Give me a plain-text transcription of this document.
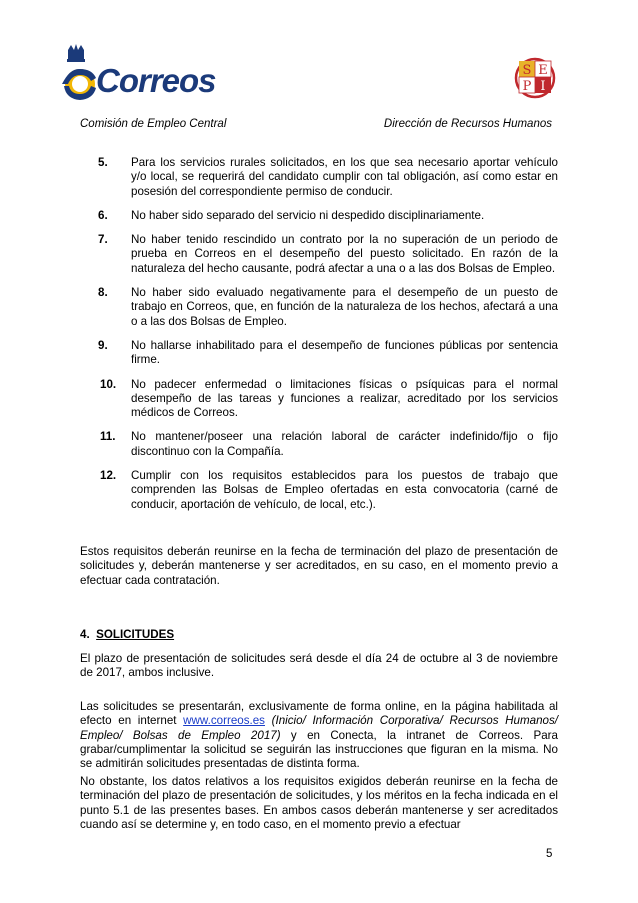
Correos	S E
P I
Comisión de Empleo Central	Dirección de Recursos Humanos
5. Para los servicios rurales solicitados, en los que sea necesario aportar vehículo y/o local, se requerirá del candidato cumplir con tal obligación, así como estar en posesión del correspondiente permiso de conducir.
6. No haber sido separado del servicio ni despedido disciplinariamente.
7. No haber tenido rescindido un contrato por la no superación de un periodo de prueba en Correos en el desempeño del puesto solicitado. En razón de la naturaleza del hecho causante, podrá afectar a una o a las dos Bolsas de Empleo.
8. No haber sido evaluado negativamente para el desempeño de un puesto de trabajo en Correos, que, en función de la naturaleza de los hechos, afectará a una o a las dos Bolsas de Empleo.
9. No hallarse inhabilitado para el desempeño de funciones públicas por sentencia firme.
10. No padecer enfermedad o limitaciones físicas o psíquicas para el normal desempeño de las tareas y funciones a realizar, acreditado por los servicios médicos de Correos.
11. No mantener/poseer una relación laboral de carácter indefinido/fijo o fijo discontinuo con la Compañía.
12. Cumplir con los requisitos establecidos para los puestos de trabajo que comprenden las Bolsas de Empleo ofertadas en esta convocatoria (carné de conducir, aportación de vehículo, de local, etc.).

Estos requisitos deberán reunirse en la fecha de terminación del plazo de presentación de solicitudes y, deberán mantenerse y ser acreditados, en su caso, en el momento previo a efectuar cada contratación.

4. SOLICITUDES

El plazo de presentación de solicitudes será desde el día 24 de octubre al 3 de noviembre de 2017, ambos inclusive.

Las solicitudes se presentarán, exclusivamente de forma online, en la página habilitada al efecto en internet www.correos.es (Inicio/ Información Corporativa/ Recursos Humanos/ Empleo/ Bolsas de Empleo 2017) y en Conecta, la intranet de Correos. Para grabar/cumplimentar la solicitud se seguirán las instrucciones que figuran en la misma. No se admitirán solicitudes presentadas de distinta forma.

No obstante, los datos relativos a los requisitos exigidos deberán reunirse en la fecha de terminación del plazo de presentación de solicitudes, y los méritos en la fecha indicada en el punto 5.1 de las presentes bases. En ambos casos deberán mantenerse y ser acreditados cuando así se determine y, en todo caso, en el momento previo a efectuar

5
